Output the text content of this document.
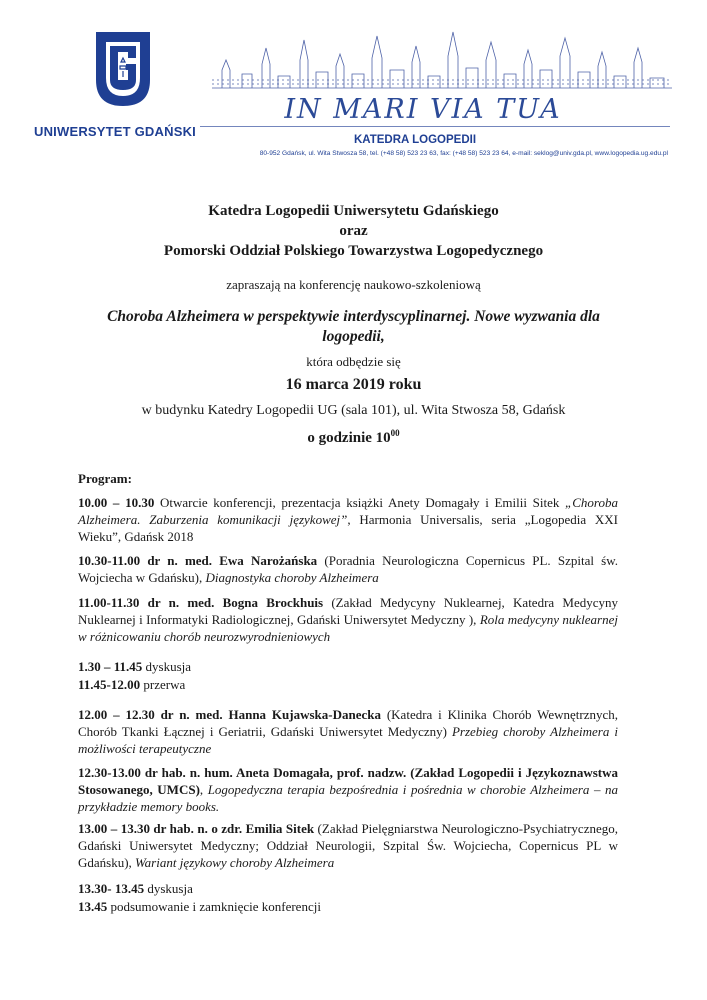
UNIWERSYTET GDAŃSKI
IN MARI VIA TUA
KATEDRA LOGOPEDII
80-952 Gdańsk, ul. Wita Stwosza 58, tel. (+48 58) 523 23 63, fax: (+48 58) 523 23 64, e-mail: seklog@univ.gda.pl, www.logopedia.ug.edu.pl
Katedra Logopedii Uniwersytetu Gdańskiego
oraz
Pomorski Oddział Polskiego Towarzystwa Logopedycznego
zapraszają na konferencję naukowo-szkoleniową
Choroba Alzheimera w perspektywie interdyscyplinarnej. Nowe wyzwania dla
logopedii,
która odbędzie się
16 marca 2019 roku
w budynku Katedry Logopedii UG (sala 101), ul. Wita Stwosza 58, Gdańsk
o godzinie $10^{00}$
Program:
10.00 – 10.30 Otwarcie konferencji, prezentacja książki Anety Domagały i Emilii Sitek „Choroba Alzheimera. Zaburzenia komunikacji językowej”, Harmonia Universalis, seria „Logopedia XXI Wieku”, Gdańsk 2018
10.30-11.00 dr n. med. Ewa Narożańska (Poradnia Neurologiczna Copernicus PL. Szpital św. Wojciecha w Gdańsku), Diagnostyka choroby Alzheimera
11.00-11.30 dr n. med. Bogna Brockhuis (Zakład Medycyny Nuklearnej, Katedra Medycyny Nuklearnej i Informatyki Radiologicznej, Gdański Uniwersytet Medyczny ), Rola medycyny nuklearnej w różnicowaniu chorób neurozwyrodnieniowych
1.30 – 11.45 dyskusja
11.45-12.00 przerwa
12.00 – 12.30 dr n. med. Hanna Kujawska-Danecka (Katedra i Klinika Chorób Wewnętrznych, Chorób Tkanki Łącznej i Geriatrii, Gdański Uniwersytet Medyczny) Przebieg choroby Alzheimera i możliwości terapeutyczne
12.30-13.00 dr hab. n. hum. Aneta Domagała, prof. nadzw. (Zakład Logopedii i Językoznawstwa Stosowanego, UMCS), Logopedyczna terapia bezpośrednia i pośrednia w chorobie Alzheimera – na przykładzie memory books.
13.00 – 13.30 dr hab. n. o zdr. Emilia Sitek (Zakład Pielęgniarstwa Neurologiczno-Psychiatrycznego, Gdański Uniwersytet Medyczny; Oddział Neurologii, Szpital Św. Wojciecha, Copernicus PL w Gdańsku), Wariant językowy choroby Alzheimera
13.30- 13.45 dyskusja
13.45 podsumowanie i zamknięcie konferencji
